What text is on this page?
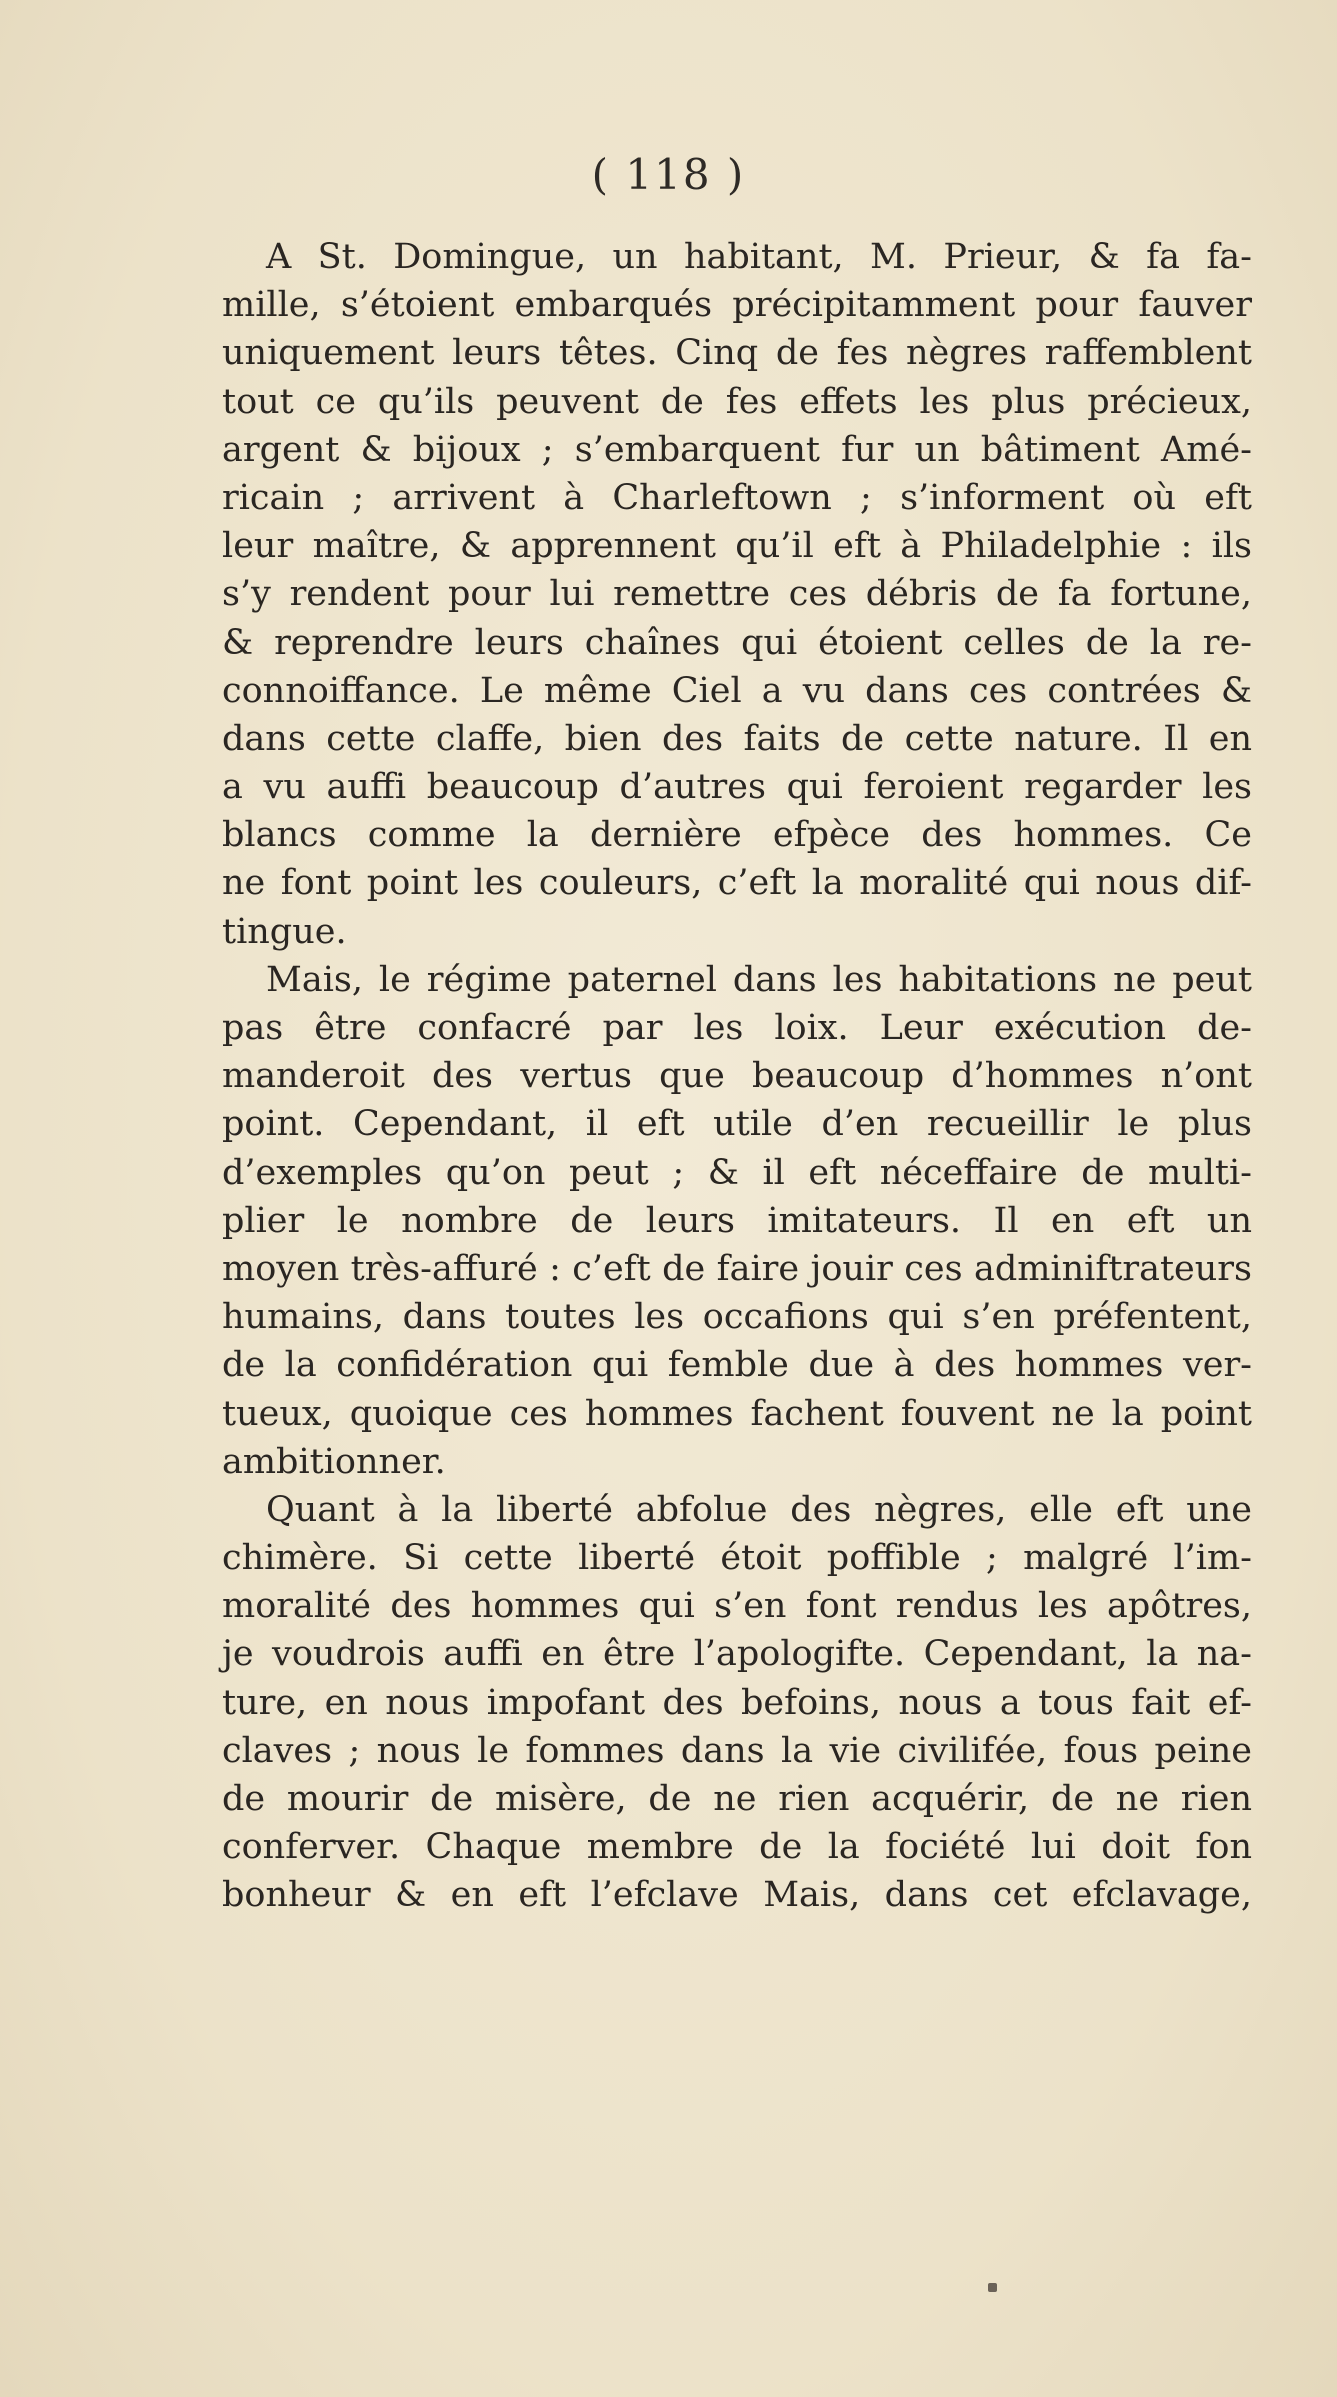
( 118 )
A St. Domingue, un habitant, M. Prieur, & fa fa-
mille, s’étoient embarqués précipitamment pour fauver
uniquement leurs têtes. Cinq de fes nègres raffemblent
tout ce qu’ils peuvent de fes effets les plus précieux,
argent & bijoux ; s’embarquent fur un bâtiment Amé-
ricain ; arrivent à Charleftown ; s’informent où eft
leur maître, & apprennent qu’il eft à Philadelphie : ils
s’y rendent pour lui remettre ces débris de fa fortune,
& reprendre leurs chaînes qui étoient celles de la re-
connoiffance. Le même Ciel a vu dans ces contrées &
dans cette claffe, bien des faits de cette nature. Il en
a vu auffi beaucoup d’autres qui feroient regarder les
blancs comme la dernière efpèce des hommes. Ce
ne font point les couleurs, c’eft la moralité qui nous dif-
tingue.
Mais, le régime paternel dans les habitations ne peut
pas être confacré par les loix. Leur exécution de-
manderoit des vertus que beaucoup d’hommes n’ont
point. Cependant, il eft utile d’en recueillir le plus
d’exemples qu’on peut ; & il eft néceffaire de multi-
plier le nombre de leurs imitateurs. Il en eft un
moyen très-affuré : c’eft de faire jouir ces adminiftrateurs
humains, dans toutes les occafions qui s’en préfentent,
de la confidération qui femble due à des hommes ver-
tueux, quoique ces hommes fachent fouvent ne la point
ambitionner.
Quant à la liberté abfolue des nègres, elle eft une
chimère. Si cette liberté étoit poffible ; malgré l’im-
moralité des hommes qui s’en font rendus les apôtres,
je voudrois auffi en être l’apologifte. Cependant, la na-
ture, en nous impofant des befoins, nous a tous fait ef-
claves ; nous le fommes dans la vie civilifée, fous peine
de mourir de misère, de ne rien acquérir, de ne rien
conferver. Chaque membre de la fociété lui doit fon
bonheur & en eft l’efclave Mais, dans cet efclavage,
